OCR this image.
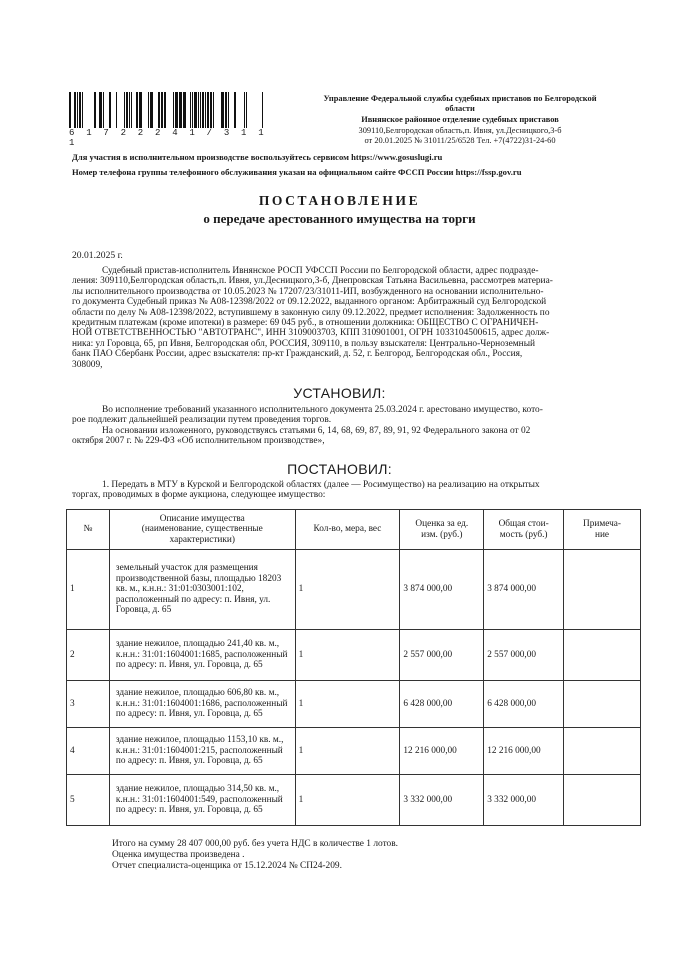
6 1 7 2 2 2 4 1 / 3 1 1 1
Управление Федеральной службы судебных приставов по Белгородской
области
Ивнянское районное отделение судебных приставов
309110,Белгородская область,п. Ивня, ул.Десницкого,3-б
от 20.01.2025 № 31011/25/6528 Тел. +7(4722)31-24-60
Для участия в исполнительном производстве воспользуйтесь сервисом https://www.gosuslugi.ru
Номер телефона группы телефонного обслуживания указан на официальном сайте ФССП России https://fssp.gov.ru
ПОСТАНОВЛЕНИЕ
о передаче арестованного имущества на торги
20.01.2025 г.
Судебный пристав-исполнитель Ивнянское РОСП УФССП России по Белгородской области, адрес подразде-
ления: 309110,Белгородская область,п. Ивня, ул.Десницкого,3-б, Днепровская Татьяна Васильевна, рассмотрев материа-
лы исполнительного производства от 10.05.2023 № 17207/23/31011-ИП, возбужденного на основании исполнительно-
го документа Судебный приказ № А08-12398/2022 от 09.12.2022, выданного органом: Арбитражный суд Белгородской
области по делу № А08-12398/2022, вступившему в законную силу 09.12.2022, предмет исполнения: Задолженность по
кредитным платежам (кроме ипотеки) в размере: 69 045 руб., в отношении должника: ОБЩЕСТВО С ОГРАНИЧЕН-
НОЙ ОТВЕТСТВЕННОСТЬЮ "АВТОТРАНС", ИНН 3109003703, КПП 310901001, ОГРН 1033104500615, адрес долж-
ника: ул Горовца, 65, рп Ивня, Белгородская обл, РОССИЯ, 309110, в пользу взыскателя: Центрально-Черноземный
банк ПАО Сбербанк России, адрес взыскателя: пр-кт Гражданский, д. 52, г. Белгород, Белгородская обл., Россия,
308009,
УСТАНОВИЛ:
Во исполнение требований указанного исполнительного документа 25.03.2024 г. арестовано имущество, кото-
рое подлежит дальнейшей реализации путем проведения торгов.
На основании изложенного, руководствуясь статьями 6, 14, 68, 69, 87, 89, 91, 92 Федерального закона от 02
октября 2007 г. № 229-ФЗ «Об исполнительном производстве»,
ПОСТАНОВИЛ:
1. Передать в МТУ в Курской и Белгородской областях (далее — Росимущество) на реализацию на открытых
торгах, проводимых в форме аукциона, следующее имущество:
№	Описание имущества
(наименование, существенные
характеристики)	Кол-во, мера, вес	Оценка за ед.
изм. (руб.)	Общая стои-
мость (руб.)	Примеча-
ние
1	земельный участок для размещения производственной базы, площадью 18203 кв. м., к.н.н.: 31:01:0303001:102, расположенный по адресу: п. Ивня, ул. Горовца, д. 65	1	3 874 000,00	3 874 000,00	
2	здание нежилое, площадью 241,40 кв. м., к.н.н.: 31:01:1604001:1685, расположенный по адресу: п. Ивня, ул. Горовца, д. 65	1	2 557 000,00	2 557 000,00	
3	здание нежилое, площадью 606,80 кв. м., к.н.н.: 31:01:1604001:1686, расположенный по адресу: п. Ивня, ул. Горовца, д. 65	1	6 428 000,00	6 428 000,00	
4	здание нежилое, площадью 1153,10 кв. м., к.н.н.: 31:01:1604001:215, расположенный по адресу: п. Ивня, ул. Горовца, д. 65	1	12 216 000,00	12 216 000,00	
5	здание нежилое, площадью 314,50 кв. м., к.н.н.: 31:01:1604001:549, расположенный по адресу: п. Ивня, ул. Горовца, д. 65	1	3 332 000,00	3 332 000,00	
Итого на сумму 28 407 000,00 руб. без учета НДС в количестве 1 лотов.
Оценка имущества произведена .
Отчет специалиста-оценщика от 15.12.2024 № СП24-209.
